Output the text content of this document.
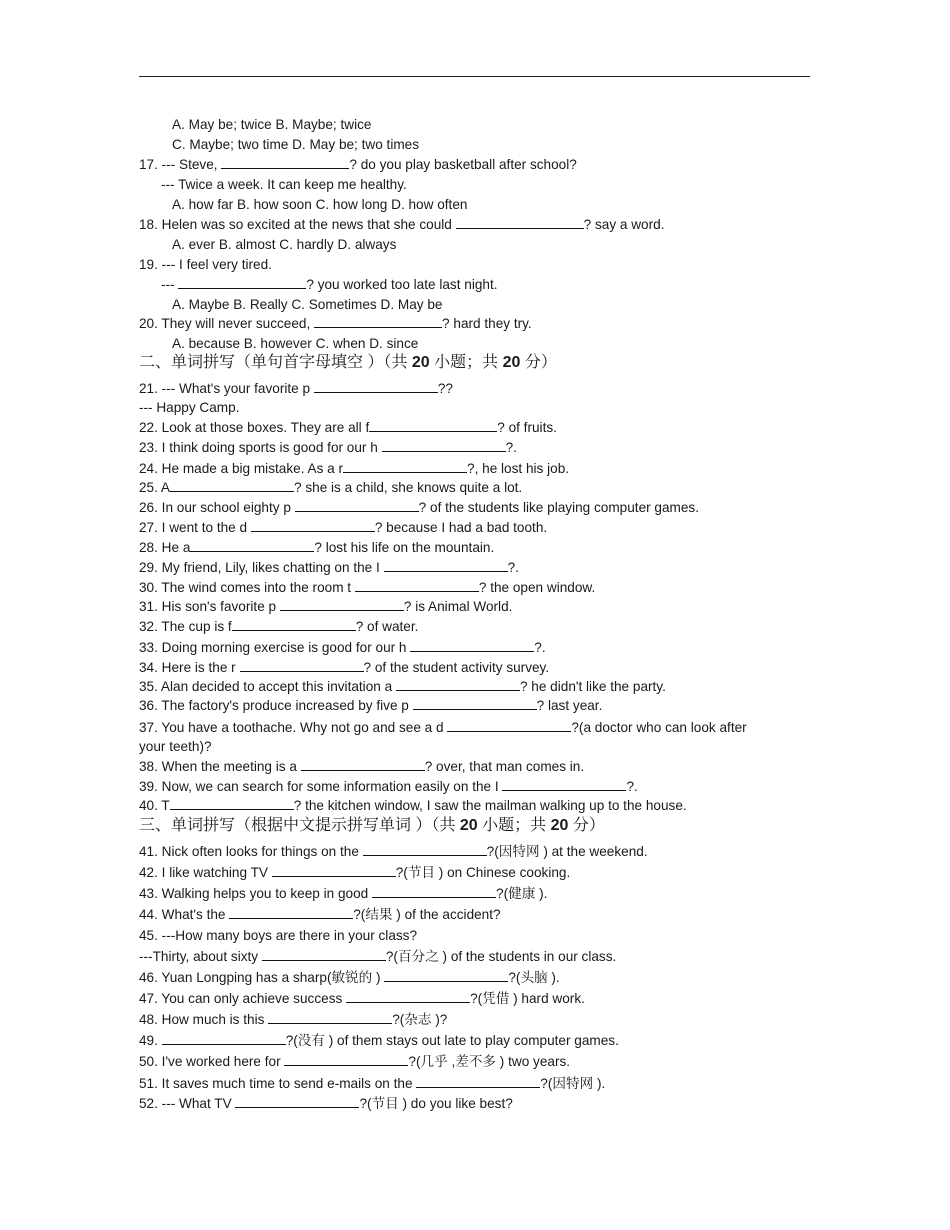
A. May be; twice B. Maybe; twice
C. Maybe; two time D. May be; two times
17. --- Steve,	? do you play basketball after school?
--- Twice a week. It can keep me healthy.
A. how far B. how soon C. how long D. how often
18. Helen was so excited at the news that she could	? say a word.
A. ever B. almost C. hardly D. always
19. --- I feel very tired.
---	? you worked too late last night.
A. Maybe B. Really C. Sometimes D. May be
20. They will never succeed,	? hard they try.
A. because B. however C. when D. since
二、单词拼写（单句首字母填空 ）（共 20 小题；共 20 分）
21. --- What's your favorite p	??
--- Happy Camp.
22. Look at those boxes. They are all f	? of fruits.
23. I think doing sports is good for our h	?.
24. He made a big mistake. As a r	?, he lost his job.
25. A	? she is a child, she knows quite a lot.
26. In our school eighty p	? of the students like playing computer games.
27. I went to the d	? because I had a bad tooth.
28. He a	? lost his life on the mountain.
29. My friend, Lily, likes chatting on the I	?.
30. The wind comes into the room t	? the open window.
31. His son's favorite p	? is Animal World.
32. The cup is f	? of water.
33. Doing morning exercise is good for our h	?.
34. Here is the r	? of the student activity survey.
35. Alan decided to accept this invitation a	? he didn't like the party.
36. The factory's produce increased by five p	? last year.
37. You have a toothache. Why not go and see a d	?(a doctor who can look after
your teeth)?
38. When the meeting is a	? over, that man comes in.
39. Now, we can search for some information easily on the I	?.
40. T	? the kitchen window, I saw the mailman walking up to the house.
三、单词拼写（根据中文提示拼写单词 ）（共 20 小题；共 20 分）
41. Nick often looks for things on the	?(因特网 ) at the weekend.
42. I like watching TV	?(节目 ) on Chinese cooking.
43. Walking helps you to keep in good	?(健康 ).
44. What's the	?(结果 ) of the accident?
45. ---How many boys are there in your class?
---Thirty, about sixty	?(百分之 ) of the students in our class.
46. Yuan Longping has a sharp(敏锐的 )	?(头脑 ).
47. You can only achieve success	?(凭借 ) hard work.
48. How much is this	?(杂志 )?
49.	?(没有 ) of them stays out late to play computer games.
50. I've worked here for	?(几乎 ,差不多 ) two years.
51. It saves much time to send e-mails on the	?(因特网 ).
52. --- What TV	?(节目 ) do you like best?
